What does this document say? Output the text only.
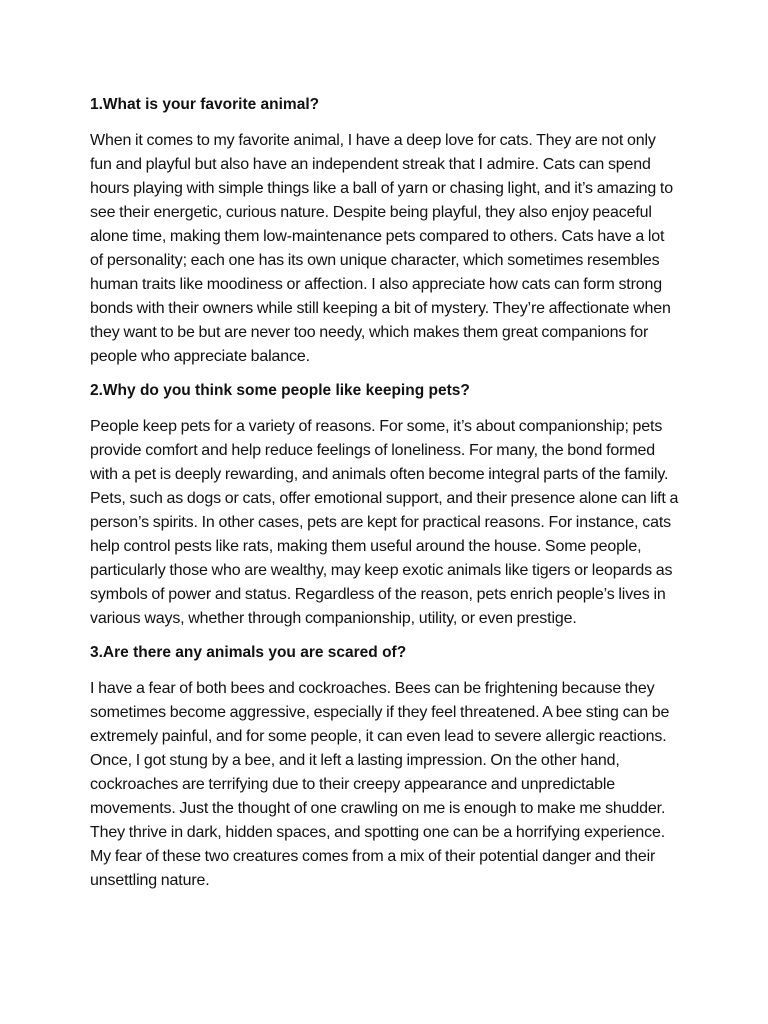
1.What is your favorite animal?

When it comes to my favorite animal, I have a deep love for cats. They are not only fun and playful but also have an independent streak that I admire. Cats can spend hours playing with simple things like a ball of yarn or chasing light, and it’s amazing to see their energetic, curious nature. Despite being playful, they also enjoy peaceful alone time, making them low-maintenance pets compared to others. Cats have a lot of personality; each one has its own unique character, which sometimes resembles human traits like moodiness or affection. I also appreciate how cats can form strong bonds with their owners while still keeping a bit of mystery. They’re affectionate when they want to be but are never too needy, which makes them great companions for people who appreciate balance.

2.Why do you think some people like keeping pets?

People keep pets for a variety of reasons. For some, it’s about companionship; pets provide comfort and help reduce feelings of loneliness. For many, the bond formed with a pet is deeply rewarding, and animals often become integral parts of the family. Pets, such as dogs or cats, offer emotional support, and their presence alone can lift a person’s spirits. In other cases, pets are kept for practical reasons. For instance, cats help control pests like rats, making them useful around the house. Some people, particularly those who are wealthy, may keep exotic animals like tigers or leopards as symbols of power and status. Regardless of the reason, pets enrich people’s lives in various ways, whether through companionship, utility, or even prestige.

3.Are there any animals you are scared of?

I have a fear of both bees and cockroaches. Bees can be frightening because they sometimes become aggressive, especially if they feel threatened. A bee sting can be extremely painful, and for some people, it can even lead to severe allergic reactions. Once, I got stung by a bee, and it left a lasting impression. On the other hand, cockroaches are terrifying due to their creepy appearance and unpredictable movements. Just the thought of one crawling on me is enough to make me shudder. They thrive in dark, hidden spaces, and spotting one can be a horrifying experience. My fear of these two creatures comes from a mix of their potential danger and their unsettling nature.
